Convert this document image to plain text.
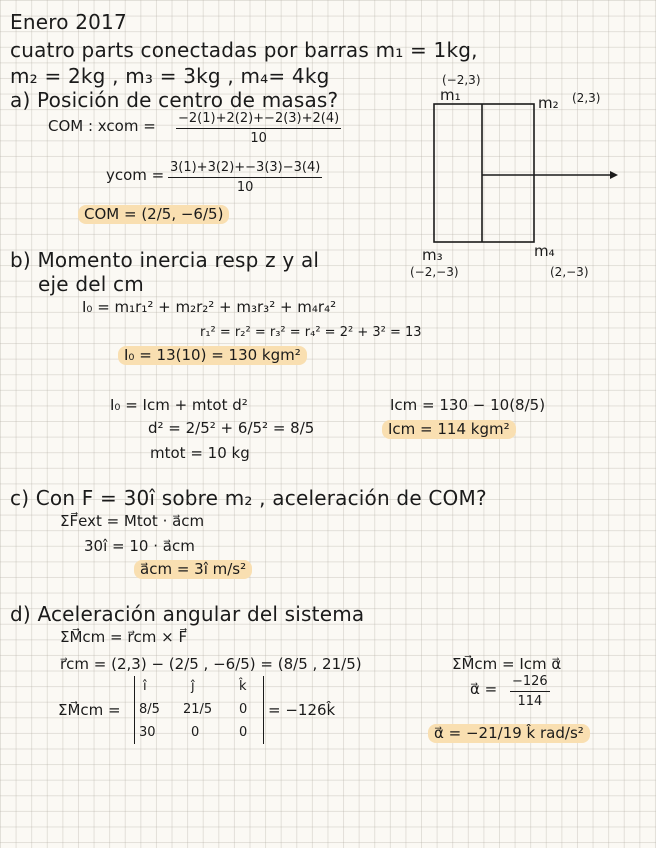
Enero 2017
cuatro parts conectadas por barras m₁ = 1kg,
m₂ = 2kg , m₃ = 3kg , m₄= 4kg
a) Posición de centro de masas?
COM : xcom = $\frac{-2(1)+2(2)+-2(3)+2(4)}{10}$
ycom = $\frac{3(1)+3(2)+-3(3)-3(4)}{10}$
COM = (2/5, −6/5)
m₁
(−2,3)
m₂ (2,3)
m₃
(−2,−3)
m₄
(2,−3)
b) Momento inercia resp z y al
eje del cm
I₀ = m₁r₁² + m₂r₂² + m₃r₃² + m₄r₄²
r₁² = r₂² = r₃² = r₄² = 2² + 3² = 13
I₀ = 13(10) = 130 kgm²
I₀ = Icm + mtot d²
d² = 2/5² + 6/5² = 8/5
mtot = 10 kg
Icm = 130 − 10(8/5)
Icm = 114 kgm²
c) Con F = 30î sobre m₂ , aceleración de COM?
ΣF⃗ext = Mtot · a⃗cm
30î = 10 · a⃗cm
a⃗cm = 3î m/s²
d) Aceleración angular del sistema
ΣM⃗cm = r⃗cm × F⃗
r⃗cm = (2,3) − (2/5 , −6/5) = (8/5 , 21/5)
ΣM⃗cm =
î	ĵ	k̂
8/5 21/5 0
30	0	0
= −126k̂
ΣM⃗cm = Icm α⃗
α⃗ = $\frac{-126}{114}$
α⃗ = −21/19 k̂ rad/s²
